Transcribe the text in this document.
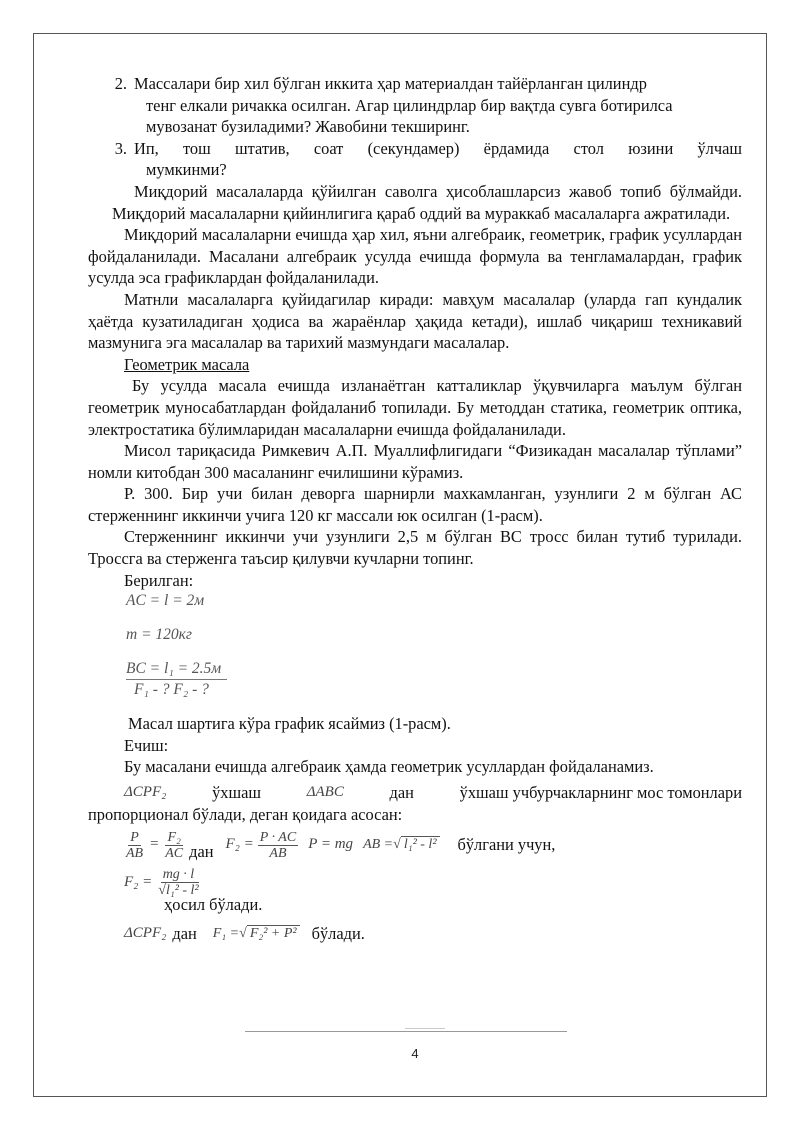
2. Массалари бир хил бўлган иккита ҳар материалдан тайёрланган цилиндр
тенг елкали ричакка осилган. Агар цилиндрлар бир вақтда сувга ботирилса
мувозанат бузиладими? Жавобини текширинг.
3. Ип, тош штатив, соат (секундамер) ёрдамида стол юзини ўлчаш
мумкинми?

Миқдорий масалаларда қўйилган саволга ҳисоблашларсиз жавоб топиб бўлмайди. Миқдорий масалаларни қийинлигига қараб оддий ва мураккаб масалаларга ажратилади.

Миқдорий масалаларни ечишда ҳар хил, яъни алгебраик, геометрик, график усуллардан фойдаланилади. Масалани алгебраик усулда ечишда формула ва тенгламалардан, график усулда эса графиклардан фойдаланилади.

Матнли масалаларга қуйидагилар киради: мавҳум масалалар (уларда гап кундалик ҳаётда кузатиладиган ҳодиса ва жараёнлар ҳақида кетади), ишлаб чиқариш техникавий мазмунига эга масалалар ва тарихий мазмундаги масалалар.

Геометрик масала

Бу усулда масала ечишда изланаётган катталиклар ўқувчиларга маълум бўлган геометрик муносабатлардан фойдаланиб топилади. Бу методдан статика, геометрик оптика, электростатика бўлимларидан масалаларни ечишда фойдаланилади.

Мисол тариқасида Римкевич А.П. Муаллифлигидаги “Физикадан масалалар тўплами” номли китобдан 300 масаланинг ечилишини кўрамиз.

Р. 300. Бир учи билан деворга шарнирли махкамланган, узунлиги 2 м бўлган АС стерженнинг иккинчи учига 120 кг массали юк осилган (1-расм).

Стерженнинг иккинчи учи узунлиги 2,5 м бўлган ВС тросс билан тутиб турилади. Троссга ва стерженга таъсир қилувчи кучларни топинг.

Берилган:

AC = l = 2м
m = 120кг
BC = l₁ = 2.5м
F₁ - ? F₂ - ?

Масал шартига кўра график ясаймиз (1-расм).

Ечиш:

Бу масалани ечишда алгебраик ҳамда геометрик усуллардан фойдаланамиз.

ΔCPF₂	ўхшаш	ΔABC	дан	ўхшаш учбурчакларнинг мос томонлари

пропорционал бўлади, деган қоидага асосан:

$\frac{P}{AB} = \frac{\text{F₂}}{AC}$ дан $F_2 = \frac{P \cdot AC}{AB}$ P = mg AB =√ l₁² - l² бўлгани учун,
$F_2 = \frac{mg \cdot l}{\text{√l₁² - l²}}$

ҳосил бўлади.

ΔCPF₂ дан F₁ =√ F₂² + P² бўлади.
4
